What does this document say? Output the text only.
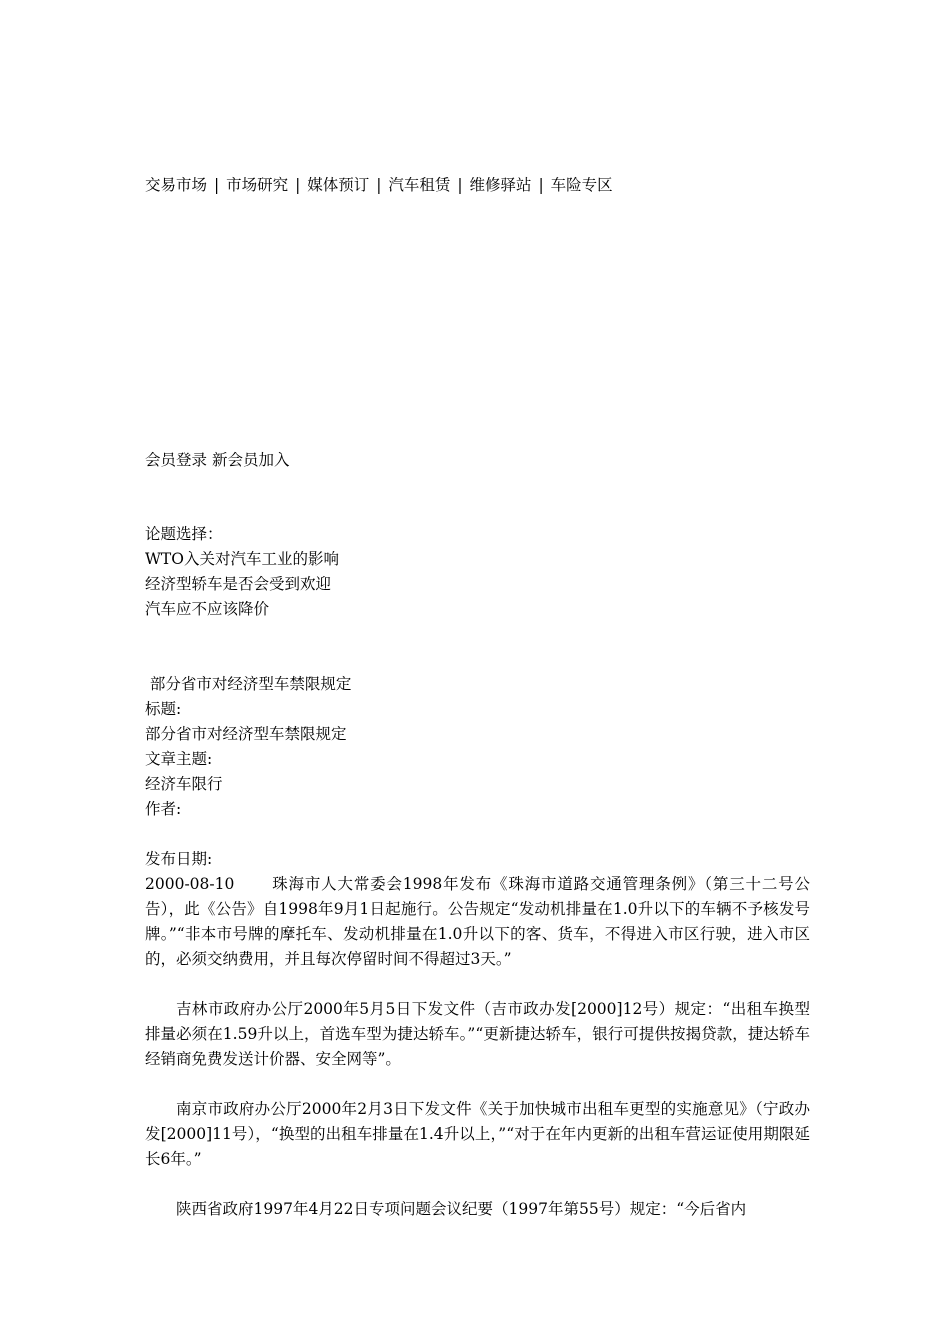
交易市场 | 市场研究 | 媒体预订 | 汽车租赁 | 维修驿站 | 车险专区
会员登录 新会员加入
论题选择：
WTO入关对汽车工业的影响
经济型轿车是否会受到欢迎
汽车应不应该降价
部分省市对经济型车禁限规定
标题:
部分省市对经济型车禁限规定
文章主题:
经济车限行
作者:

发布日期:
2000-08-10 珠海市人大常委会1998年发布《珠海市道路交通管理条例》（第三十二号公告），此《公告》自1998年9月1日起施行。公告规定“发动机排量在1.0升以下的车辆不予核发号牌。”“非本市号牌的摩托车、发动机排量在1.0升以下的客、货车，不得进入市区行驶，进入市区的，必须交纳费用，并且每次停留时间不得超过3天。”

吉林市政府办公厅2000年5月5日下发文件（吉市政办发[2000]12号）规定：“出租车换型排量必须在1.59升以上，首选车型为捷达轿车。”“更新捷达轿车，银行可提供按揭贷款，捷达轿车经销商免费发送计价器、安全网等”。

南京市政府办公厅2000年2月3日下发文件《关于加快城市出租车更型的实施意见》（宁政办发[2000]11号），“换型的出租车排量在1.4升以上，”“对于在年内更新的出租车营运证使用期限延长6年。”

陕西省政府1997年4月22日专项问题会议纪要（1997年第55号）规定：“今后省内
